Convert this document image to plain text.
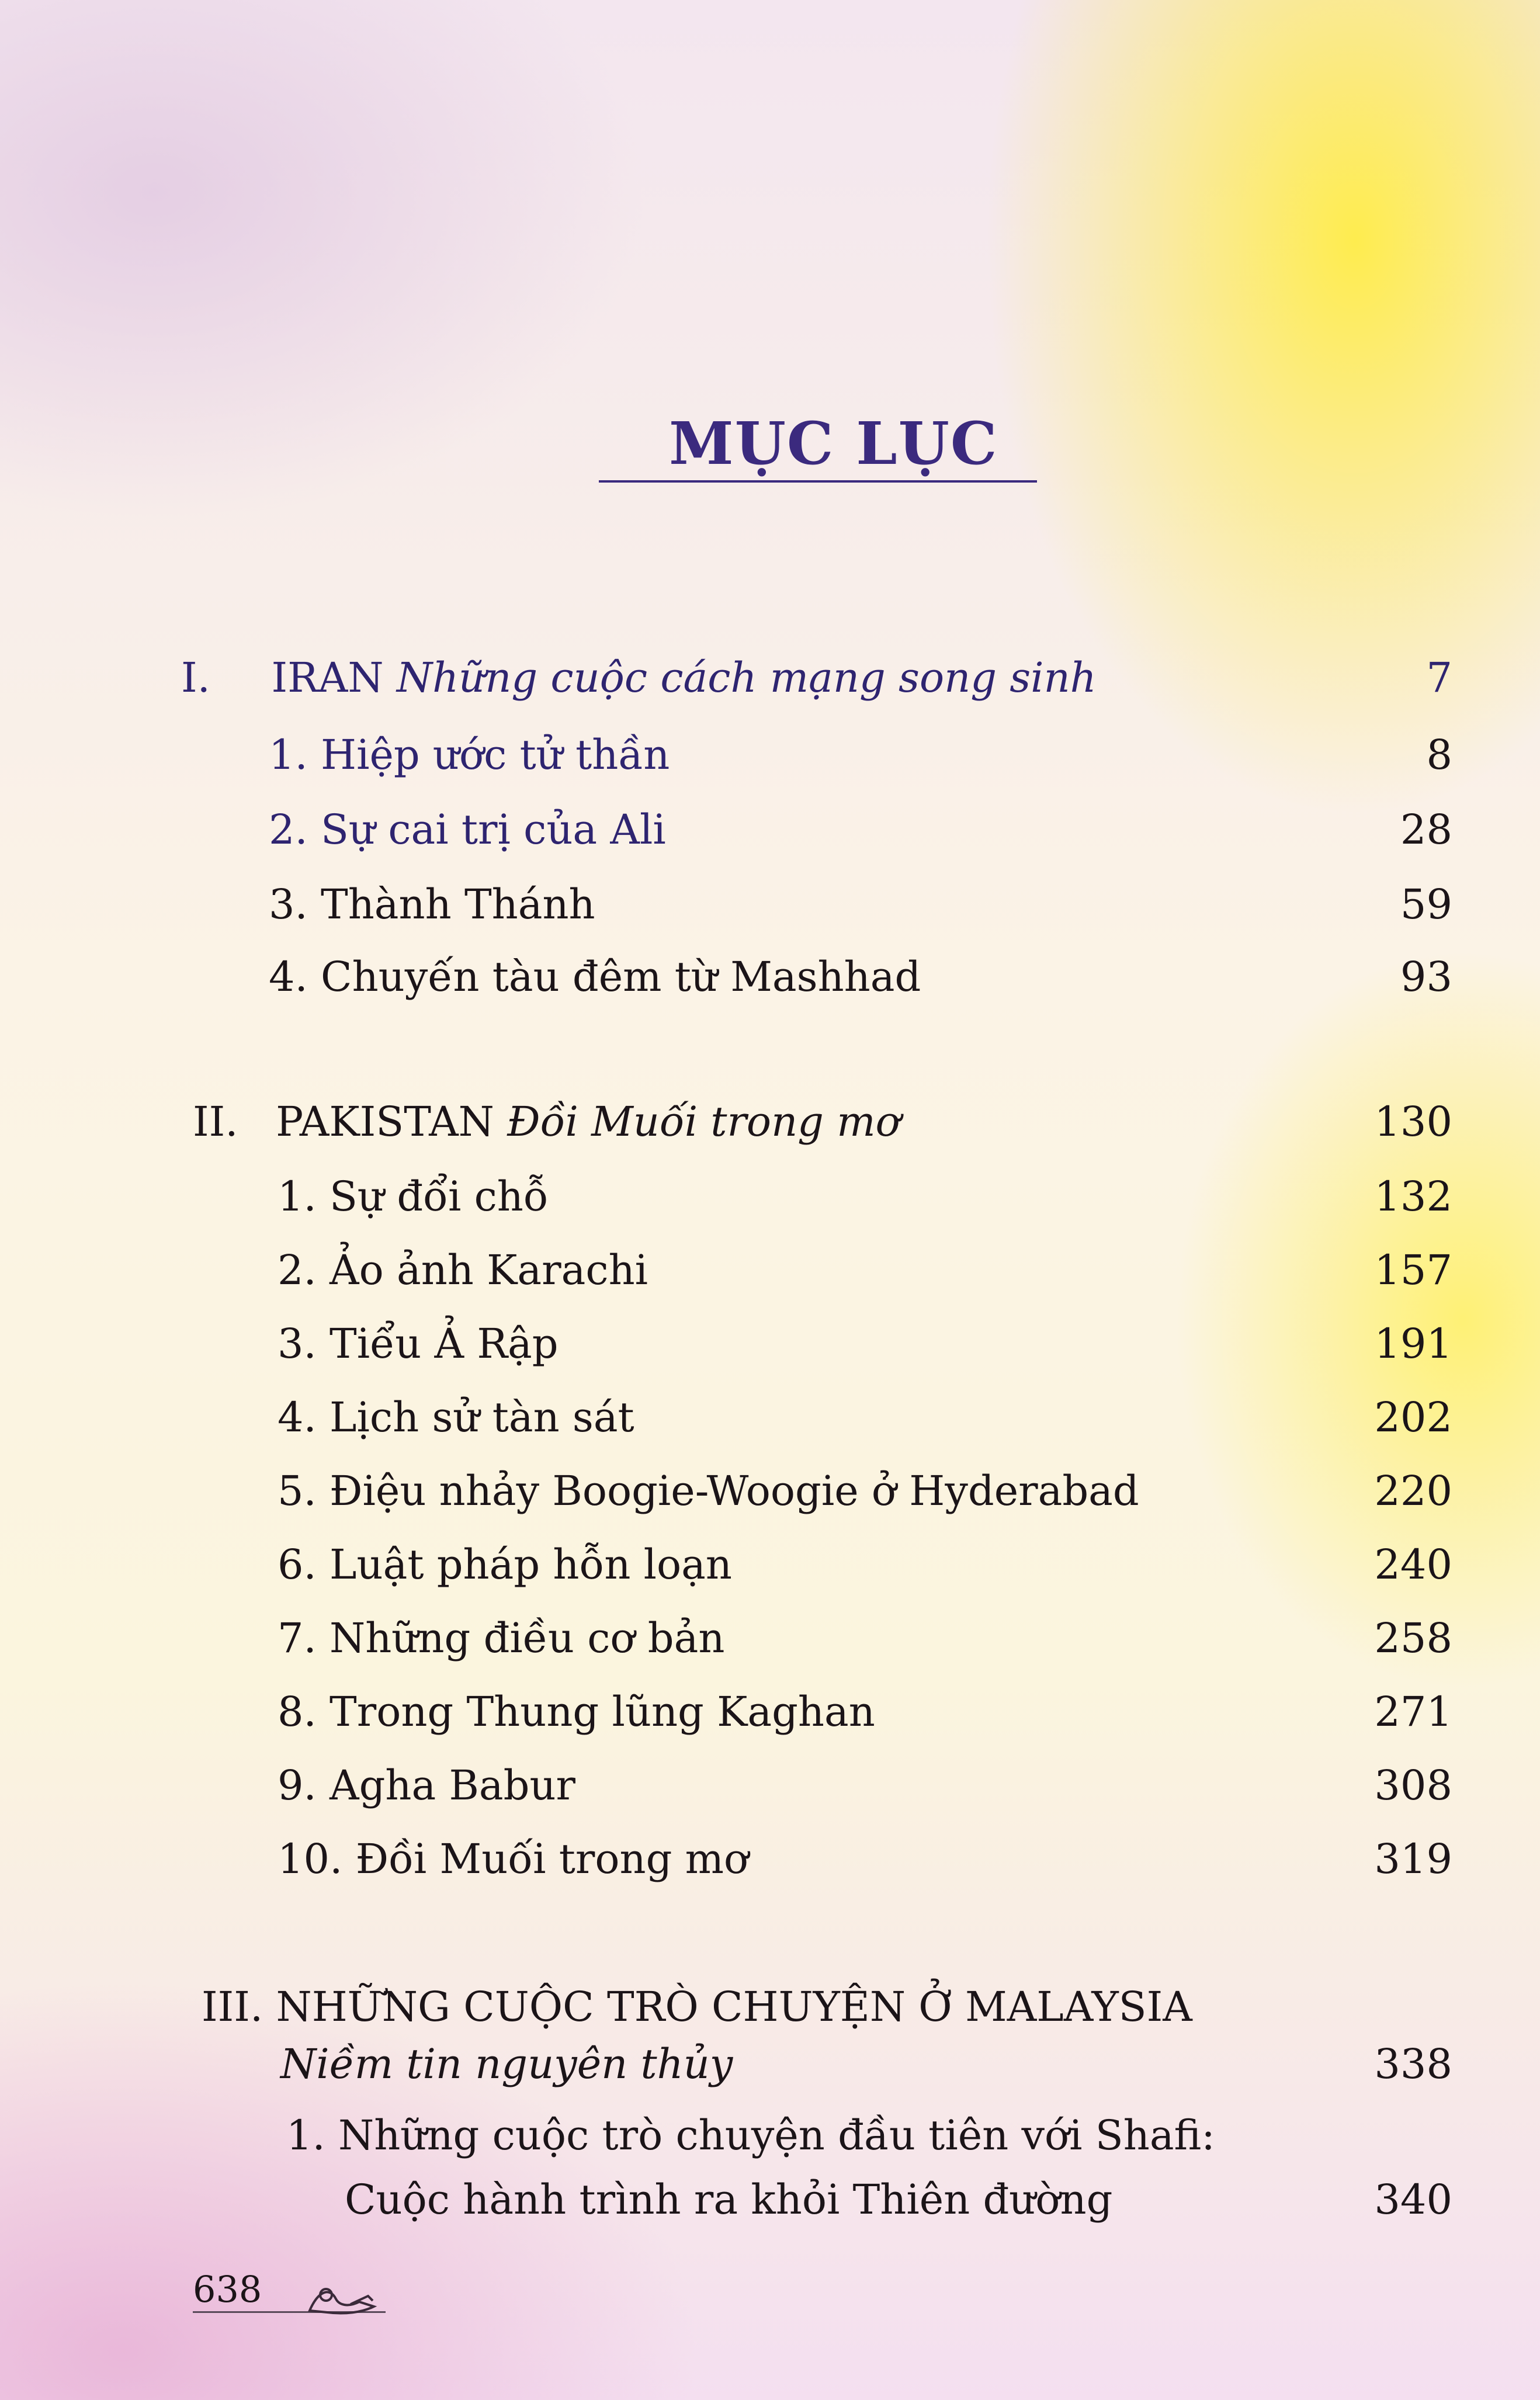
MỤC LỤC
I. IRAN Những cuộc cách mạng song sinh	7
1. Hiệp ước tử thần	8
2. Sự cai trị của Ali	28
3. Thành Thánh	59
4. Chuyến tàu đêm từ Mashhad	93
II. PAKISTAN Đồi Muối trong mơ	130
1. Sự đổi chỗ	132
2. Ảo ảnh Karachi	157
3. Tiểu Ả Rập	191
4. Lịch sử tàn sát	202
5. Điệu nhảy Boogie-Woogie ở Hyderabad	220
6. Luật pháp hỗn loạn	240
7. Những điều cơ bản	258
8. Trong Thung lũng Kaghan	271
9. Agha Babur	308
10. Đồi Muối trong mơ	319
III. NHỮNG CUỘC TRÒ CHUYỆN Ở MALAYSIA
Niềm tin nguyên thủy	338
1. Những cuộc trò chuyện đầu tiên với Shafi:
Cuộc hành trình ra khỏi Thiên đường	340
638
